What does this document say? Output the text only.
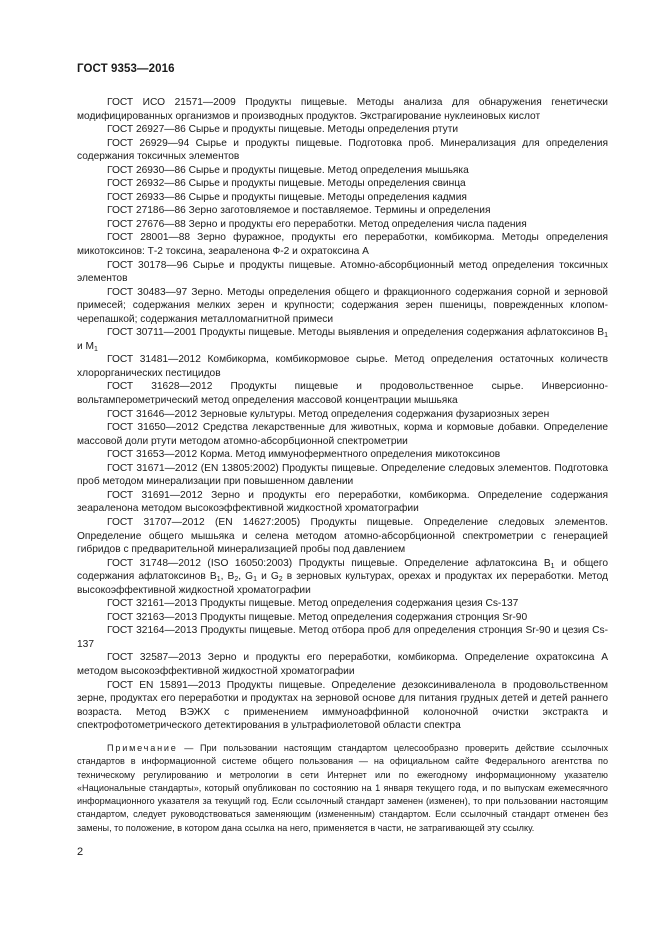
ГОСТ 9353—2016

ГОСТ ИСО 21571—2009 Продукты пищевые. Методы анализа для обнаружения генетически модифицированных организмов и производных продуктов. Экстрагирование нуклеиновых кислот

ГОСТ 26927—86 Сырье и продукты пищевые. Методы определения ртути

ГОСТ 26929—94 Сырье и продукты пищевые. Подготовка проб. Минерализация для определения содержания токсичных элементов

ГОСТ 26930—86 Сырье и продукты пищевые. Метод определения мышьяка

ГОСТ 26932—86 Сырье и продукты пищевые. Методы определения свинца

ГОСТ 26933—86 Сырье и продукты пищевые. Методы определения кадмия

ГОСТ 27186—86 Зерно заготовляемое и поставляемое. Термины и определения

ГОСТ 27676—88 Зерно и продукты его переработки. Метод определения числа падения

ГОСТ 28001—88 Зерно фуражное, продукты его переработки, комбикорма. Методы определения микотоксинов: Т-2 токсина, зеараленона Ф-2 и охратоксина А

ГОСТ 30178—96 Сырье и продукты пищевые. Атомно-абсорбционный метод определения токсичных элементов

ГОСТ 30483—97 Зерно. Методы определения общего и фракционного содержания сорной и зерновой примесей; содержания мелких зерен и крупности; содержания зерен пшеницы, поврежденных клопом-черепашкой; содержания металломагнитной примеси

ГОСТ 30711—2001 Продукты пищевые. Методы выявления и определения содержания афлатоксинов $В_1$ и $М_1$

ГОСТ 31481—2012 Комбикорма, комбикормовое сырье. Метод определения остаточных количеств хлорорганических пестицидов

ГОСТ 31628—2012 Продукты пищевые и продовольственное сырье. Инверсионно-вольтамперометрический метод определения массовой концентрации мышьяка

ГОСТ 31646—2012 Зерновые культуры. Метод определения содержания фузариозных зерен

ГОСТ 31650—2012 Средства лекарственные для животных, корма и кормовые добавки. Определение массовой доли ртути методом атомно-абсорбционной спектрометрии

ГОСТ 31653—2012 Корма. Метод иммуноферментного определения микотоксинов

ГОСТ 31671—2012 (EN 13805:2002) Продукты пищевые. Определение следовых элементов. Подготовка проб методом минерализации при повышенном давлении

ГОСТ 31691—2012 Зерно и продукты его переработки, комбикорма. Определение содержания зеараленона методом высокоэффективной жидкостной хроматографии

ГОСТ 31707—2012 (EN 14627:2005) Продукты пищевые. Определение следовых элементов. Определение общего мышьяка и селена методом атомно-абсорбционной спектрометрии с генерацией гибридов с предварительной минерализацией пробы под давлением

ГОСТ 31748—2012 (ISO 16050:2003) Продукты пищевые. Определение афлатоксина $В_1$ и общего содержания афлатоксинов $В_1$, $В_2$, $G_1$ и $G_2$ в зерновых культурах, орехах и продуктах их переработки. Метод высокоэффективной жидкостной хроматографии

ГОСТ 32161—2013 Продукты пищевые. Метод определения содержания цезия Cs-137

ГОСТ 32163—2013 Продукты пищевые. Метод определения содержания стронция Sr-90

ГОСТ 32164—2013 Продукты пищевые. Метод отбора проб для определения стронция Sr-90 и цезия Cs-137

ГОСТ 32587—2013 Зерно и продукты его переработки, комбикорма. Определение охратоксина А методом высокоэффективной жидкостной хроматографии

ГОСТ EN 15891—2013 Продукты пищевые. Определение дезоксиниваленола в продовольственном зерне, продуктах его переработки и продуктах на зерновой основе для питания грудных детей и детей раннего возраста. Метод ВЭЖХ с применением иммуноаффинной колоночной очистки экстракта и спектрофотометрического детектирования в ультрафиолетовой области спектра

Примечание — При пользовании настоящим стандартом целесообразно проверить действие ссылочных стандартов в информационной системе общего пользования — на официальном сайте Федерального агентства по техническому регулированию и метрологии в сети Интернет или по ежегодному информационному указателю «Национальные стандарты», который опубликован по состоянию на 1 января текущего года, и по выпускам ежемесячного информационного указателя за текущий год. Если ссылочный стандарт заменен (изменен), то при пользовании настоящим стандартом, следует руководствоваться заменяющим (измененным) стандартом. Если ссылочный стандарт отменен без замены, то положение, в котором дана ссылка на него, применяется в части, не затрагивающей эту ссылку.

2
